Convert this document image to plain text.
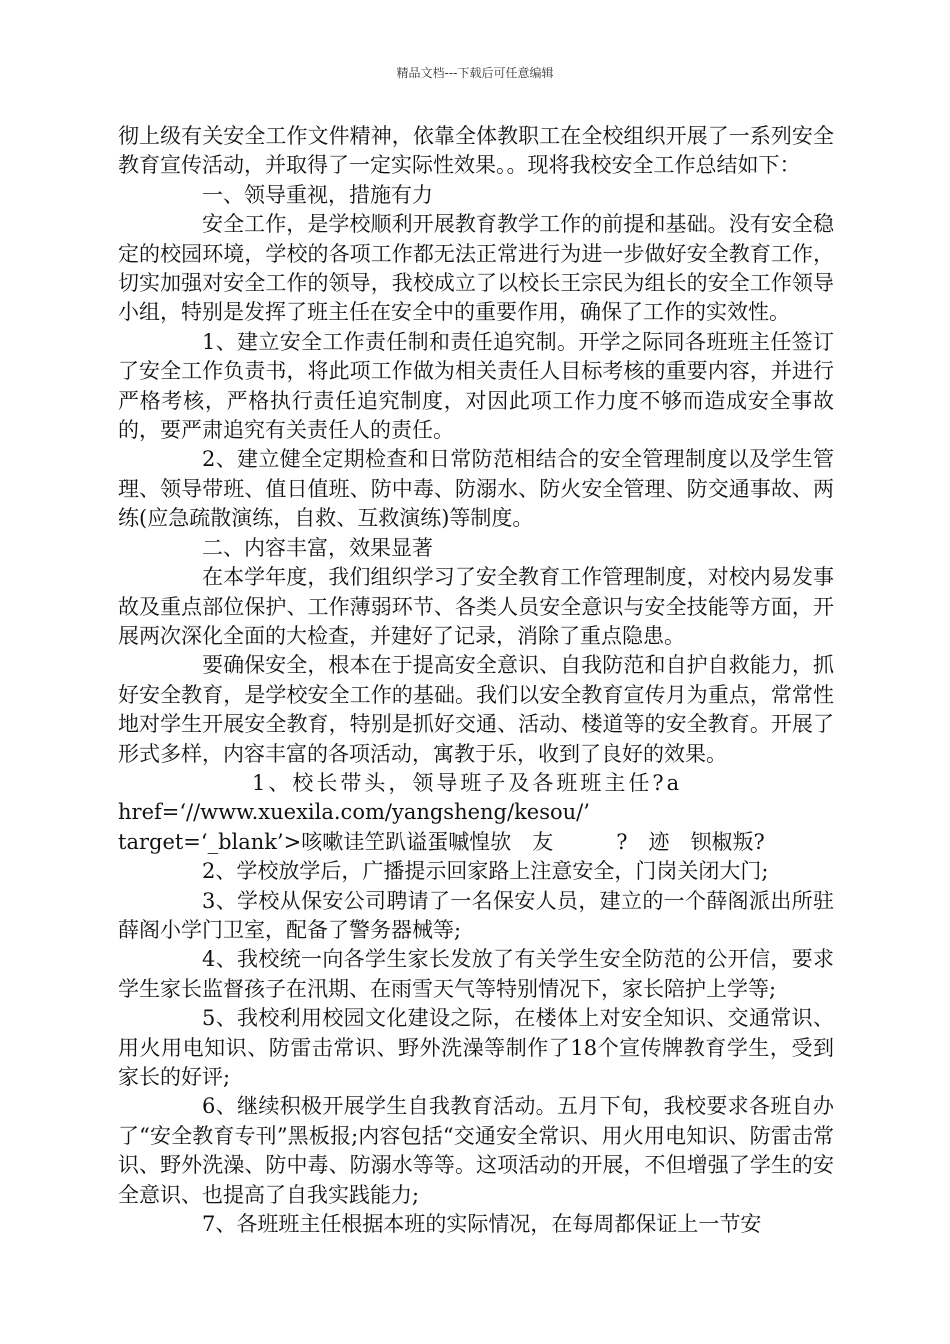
精品文档---下载后可任意编辑

彻上级有关安全工作文件精神，依靠全体教职工在全校组织开展了一系列安全教育宣传活动，并取得了一定实际性效果。。现将我校安全工作总结如下：

一、领导重视，措施有力

安全工作，是学校顺利开展教育教学工作的前提和基础。没有安全稳定的校园环境，学校的各项工作都无法正常进行为进一步做好安全教育工作，切实加强对安全工作的领导，我校成立了以校长王宗民为组长的安全工作领导小组，特别是发挥了班主任在安全中的重要作用，确保了工作的实效性。

1、建立安全工作责任制和责任追究制。开学之际同各班班主任签订了安全工作负责书，将此项工作做为相关责任人目标考核的重要内容，并进行严格考核，严格执行责任追究制度，对因此项工作力度不够而造成安全事故的，要严肃追究有关责任人的责任。

2、建立健全定期检查和日常防范相结合的安全管理制度以及学生管理、领导带班、值日值班、防中毒、防溺水、防火安全管理、防交通事故、两练(应急疏散演练，自救、互救演练)等制度。

二、内容丰富，效果显著

在本学年度，我们组织学习了安全教育工作管理制度，对校内易发事故及重点部位保护、工作薄弱环节、各类人员安全意识与安全技能等方面，开展两次深化全面的大检查，并建好了记录，消除了重点隐患。

要确保安全，根本在于提高安全意识、自我防范和自护自救能力，抓好安全教育，是学校安全工作的基础。我们以安全教育宣传月为重点，常常性地对学生开展安全教育，特别是抓好交通、活动、楼道等的安全教育。开展了形式多样，内容丰富的各项活动，寓教于乐，收到了良好的效果。

1、校长带头，领导班子及各班班主任?a

href=‘//www.xuexila.com/yangsheng/kesou/’

target=‘_blank’>咳嗽诖笁趴谥蛋嘁惶欤　友　　　?　迹　钡椒叛?

2、学校放学后，广播提示回家路上注意安全，门岗关闭大门;

3、学校从保安公司聘请了一名保安人员，建立的一个薛阁派出所驻薛阁小学门卫室，配备了警务器械等;

4、我校统一向各学生家长发放了有关学生安全防范的公开信，要求学生家长监督孩子在汛期、在雨雪天气等特别情况下，家长陪护上学等;

5、我校利用校园文化建设之际，在楼体上对安全知识、交通常识、用火用电知识、防雷击常识、野外洗澡等制作了18个宣传牌教育学生，受到家长的好评;

6、继续积极开展学生自我教育活动。五月下旬，我校要求各班自办了“安全教育专刊”黑板报;内容包括“交通安全常识、用火用电知识、防雷击常识、野外洗澡、防中毒、防溺水等等。这项活动的开展，不但增强了学生的安全意识、也提高了自我实践能力;

7、各班班主任根据本班的实际情况，在每周都保证上一节安
